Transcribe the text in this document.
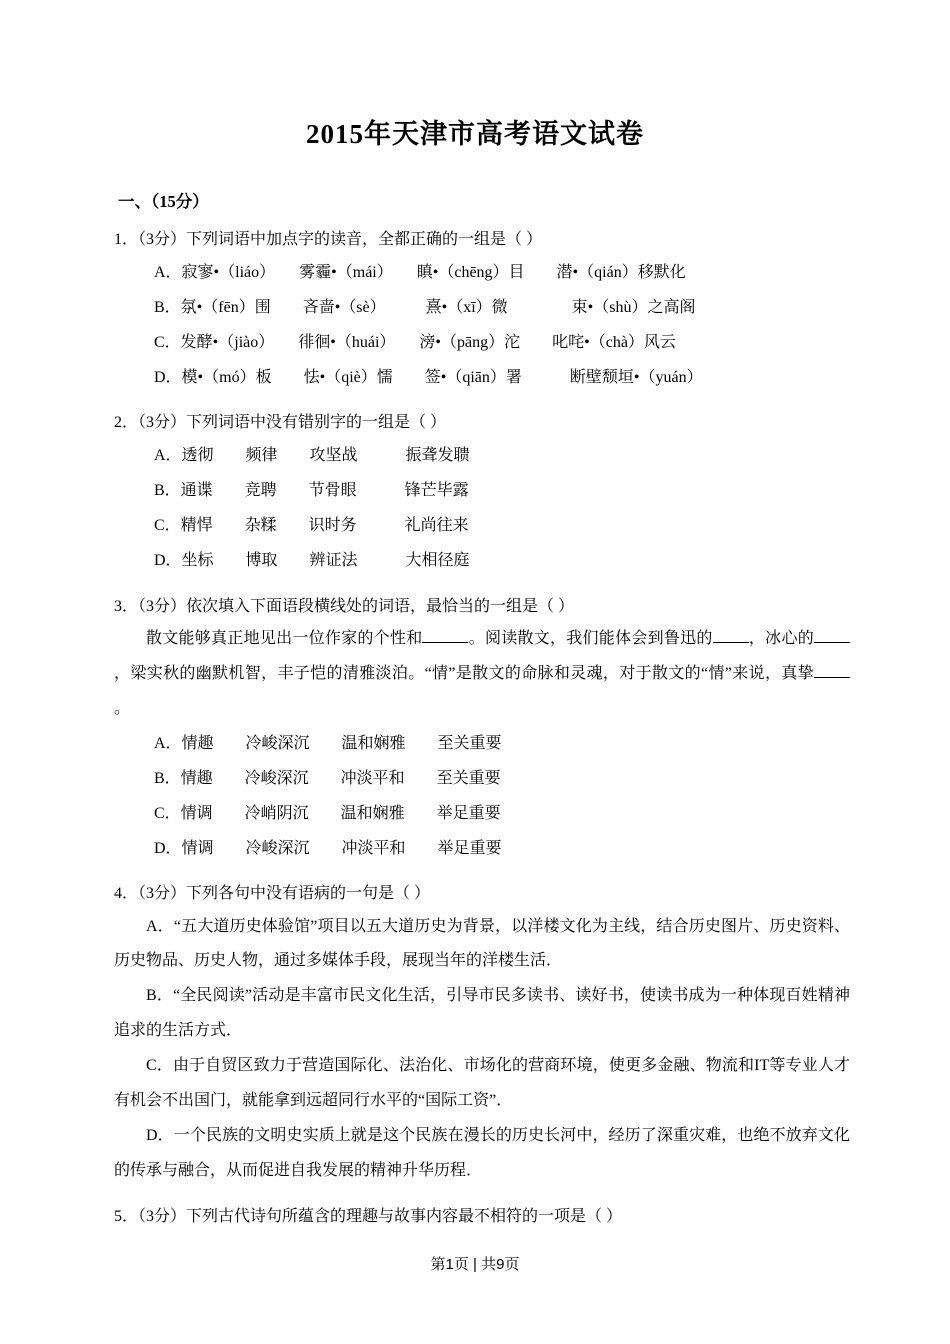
2015年天津市高考语文试卷
一、（15分）

1．（3分）下列词语中加点字的读音，全都正确的一组是（ ）

A．寂寥•（liáo）　　雾霾•（mái）　　瞋•（chēng）目　　潜•（qián）移默化

B．氛•（fēn）围　　吝啬•（sè）　　　熹•（xī）微　　　　束•（shù）之高阁

C．发酵•（jiào）　　徘徊•（huái）　　滂•（pāng）沱　　叱咤•（chà）风云

D．模•（mó）板　　怯•（qiè）懦　　签•（qiān）署　　　断壁颓垣•（yuán）

2．（3分）下列词语中没有错别字的一组是（ ）

A．透彻　　频律　　攻坚战　　　振聋发聩

B．通谍　　竞聘　　节骨眼　　　锋芒毕露

C．精悍　　杂糅　　识时务　　　礼尚往来

D．坐标　　博取　　辨证法　　　大相径庭

3．（3分）依次填入下面语段横线处的词语，最恰当的一组是（ ）

散文能够真正地见出一位作家的个性和	。阅读散文，我们能体会到鲁迅的 ，冰心的，梁实秋的幽默机智，丰子恺的清雅淡泊。“情”是散文的命脉和灵魂，对于散文的“情”来说，真挚。

A．情趣　　冷峻深沉　　温和娴雅　　至关重要

B．情趣　　冷峻深沉　　冲淡平和　　至关重要

C．情调　　冷峭阴沉　　温和娴雅　　举足重要

D．情调　　冷峻深沉　　冲淡平和　　举足重要

4．（3分）下列各句中没有语病的一句是（ ）

A．“五大道历史体验馆”项目以五大道历史为背景，以洋楼文化为主线，结合历史图片、历史资料、历史物品、历史人物，通过多媒体手段，展现当年的洋楼生活．

B．“全民阅读”活动是丰富市民文化生活，引导市民多读书、读好书，使读书成为一种体现百姓精神追求的生活方式．

C．由于自贸区致力于营造国际化、法治化、市场化的营商环境，使更多金融、物流和IT等专业人才有机会不出国门，就能拿到远超同行水平的“国际工资”．

D．一个民族的文明史实质上就是这个民族在漫长的历史长河中，经历了深重灾难，也绝不放弃文化的传承与融合，从而促进自我发展的精神升华历程．

5．（3分）下列古代诗句所蕴含的理趣与故事内容最不相符的一项是（ ）

第1页 | 共9页
